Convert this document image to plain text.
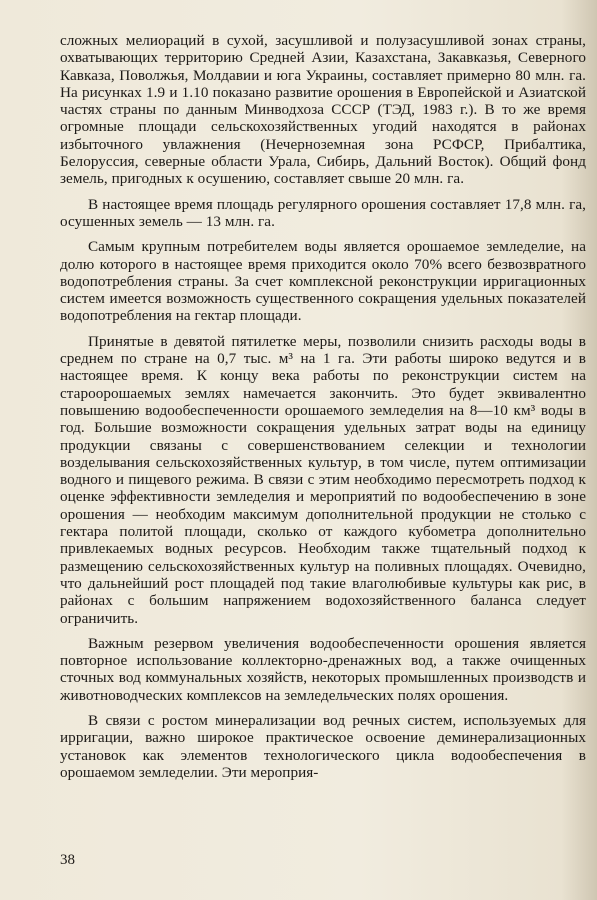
сложных мелиораций в сухой, засушливой и полузасушливой зонах страны, охватывающих территорию Средней Азии, Казахстана, Закавказья, Северного Кавказа, Поволжья, Молдавии и юга Украины, составляет примерно 80 млн. га. На рисунках 1.9 и 1.10 показано развитие орошения в Европейской и Азиатской частях страны по данным Минводхоза СССР (ТЭД, 1983 г.). В то же время огромные площади сельскохозяйственных угодий находятся в районах избыточного увлажнения (Нечерноземная зона РСФСР, Прибалтика, Белоруссия, северные области Урала, Сибирь, Дальний Восток). Общий фонд земель, пригодных к осушению, составляет свыше 20 млн. га.

В настоящее время площадь регулярного орошения составляет 17,8 млн. га, осушенных земель — 13 млн. га.

Самым крупным потребителем воды является орошаемое земледелие, на долю которого в настоящее время приходится около 70% всего безвозвратного водопотребления страны. За счет комплексной реконструкции ирригационных систем имеется возможность существенного сокращения удельных показателей водопотребления на гектар площади.

Принятые в девятой пятилетке меры, позволили снизить расходы воды в среднем по стране на 0,7 тыс. м³ на 1 га. Эти работы широко ведутся и в настоящее время. К концу века работы по реконструкции систем на староорошаемых землях намечается закончить. Это будет эквивалентно повышению водообеспеченности орошаемого земледелия на 8—10 км³ воды в год. Большие возможности сокращения удельных затрат воды на единицу продукции связаны с совершенствованием селекции и технологии возделывания сельскохозяйственных культур, в том числе, путем оптимизации водного и пищевого режима. В связи с этим необходимо пересмотреть подход к оценке эффективности земледелия и мероприятий по водообеспечению в зоне орошения — необходим максимум дополнительной продукции не столько с гектара политой площади, сколько от каждого кубометра дополнительно привлекаемых водных ресурсов. Необходим также тщательный подход к размещению сельскохозяйственных культур на поливных площадях. Очевидно, что дальнейший рост площадей под такие влаголюбивые культуры как рис, в районах с большим напряжением водохозяйственного баланса следует ограничить.

Важным резервом увеличения водообеспеченности орошения является повторное использование коллекторно-дренажных вод, а также очищенных сточных вод коммунальных хозяйств, некоторых промышленных производств и животноводческих комплексов на земледельческих полях орошения.

В связи с ростом минерализации вод речных систем, используемых для ирригации, важно широкое практическое освоение деминерализационных установок как элементов технологического цикла водообеспечения в орошаемом земледелии. Эти мероприя-

38
